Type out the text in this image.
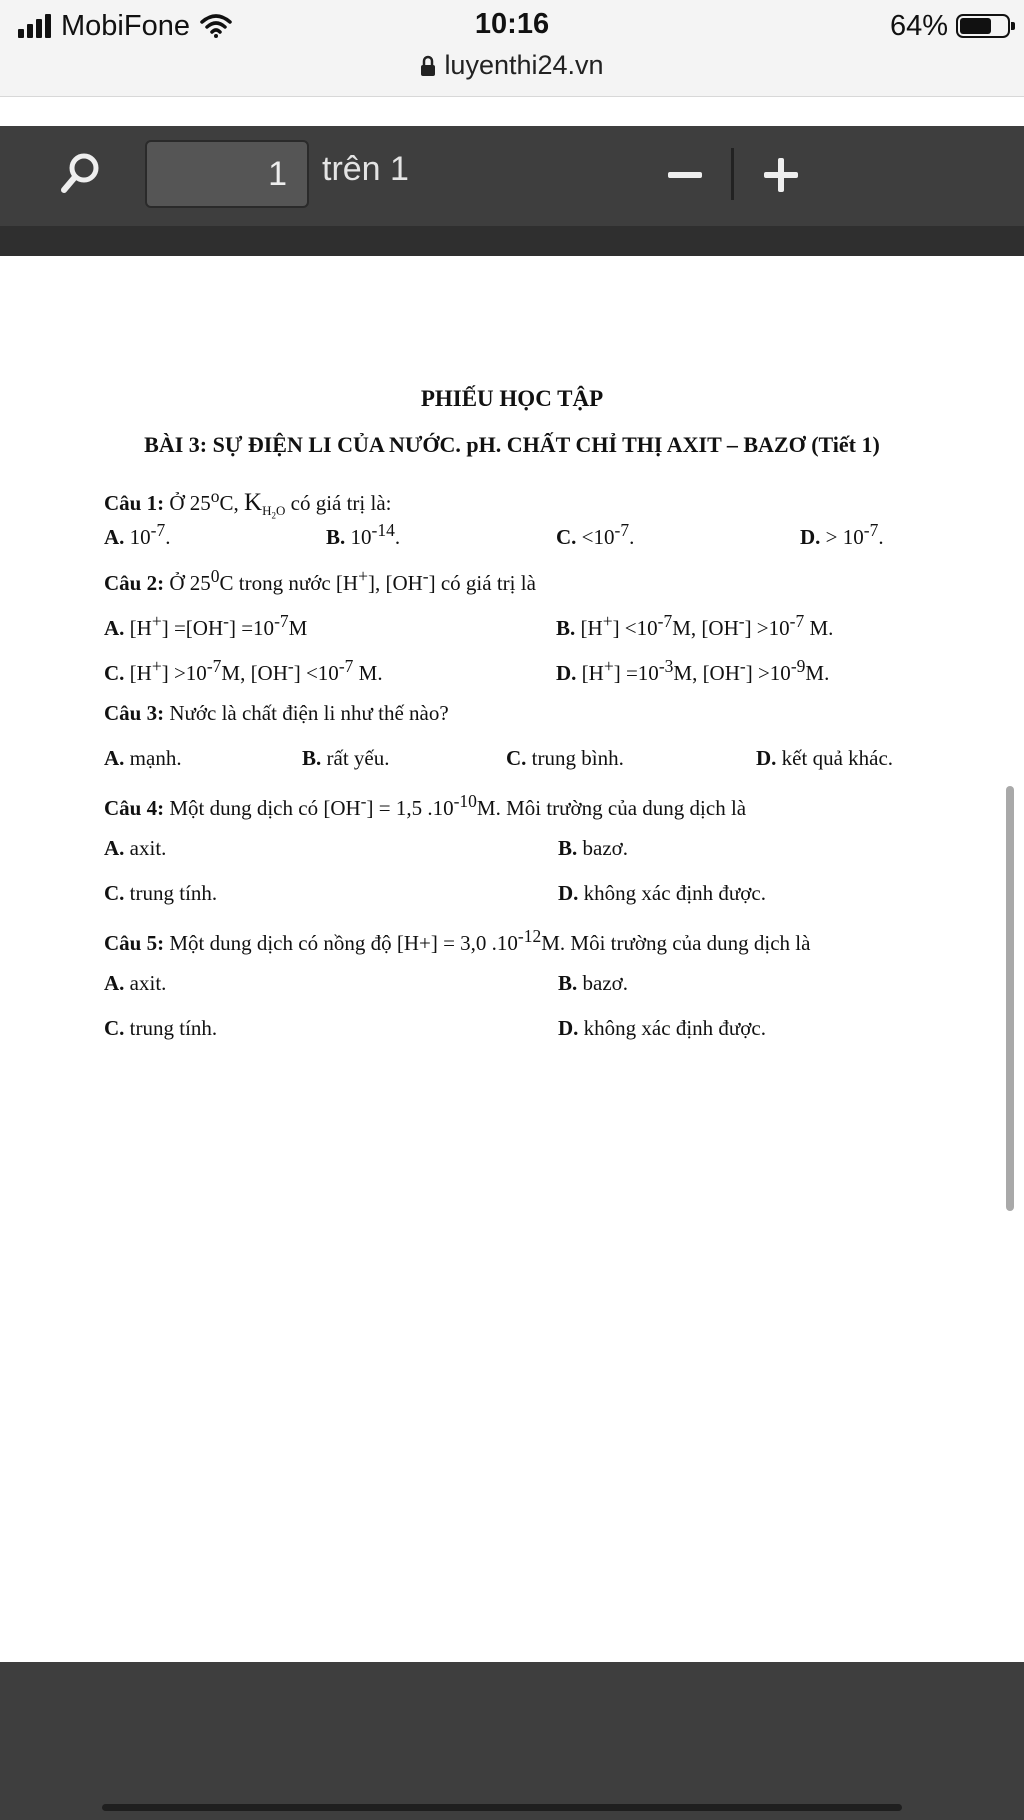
MobiFone	10:16	64%
luyenthi24.vn
1	trên 1
PHIẾU HỌC TẬP
BÀI 3: SỰ ĐIỆN LI CỦA NƯỚC. pH. CHẤT CHỈ THỊ AXIT – BAZƠ (Tiết 1)
Câu 1: Ở 25$^o$C, $K_{H_2O}$ có giá trị là:
A. $10^{-7}$.	B. $10^{-14}$.	C. $<10^{-7}$.	D. > $10^{-7}$.
Câu 2: Ở $25^0C$ trong nước [H+], [OH-] có giá trị là
A. $[H^+] =[OH^-] =10^{-7}M$	B. $[H^+] <10^{-7}M$, $[OH^-] >10^{-7}$ M.
C. $[H^+] >10^{-7}M$, $[OH^-] <10^{-7}$ M.	D. $[H^+] =10^{-3}M$, $[OH^-] >10^{-9}M$.
Câu 3: Nước là chất điện li như thế nào?
A. mạnh.	B. rất yếu.	C. trung bình.	D. kết quả khác.
Câu 4: Một dung dịch có [OH-] = 1,5 $.10^{-10}M$. Môi trường của dung dịch là
A. axit.	B. bazơ.
C. trung tính.	D. không xác định được.
Câu 5: Một dung dịch có nồng độ [H+] = 3,0 $.10^{-12}M$. Môi trường của dung dịch là
A. axit.	B. bazơ.
C. trung tính.	D. không xác định được.
